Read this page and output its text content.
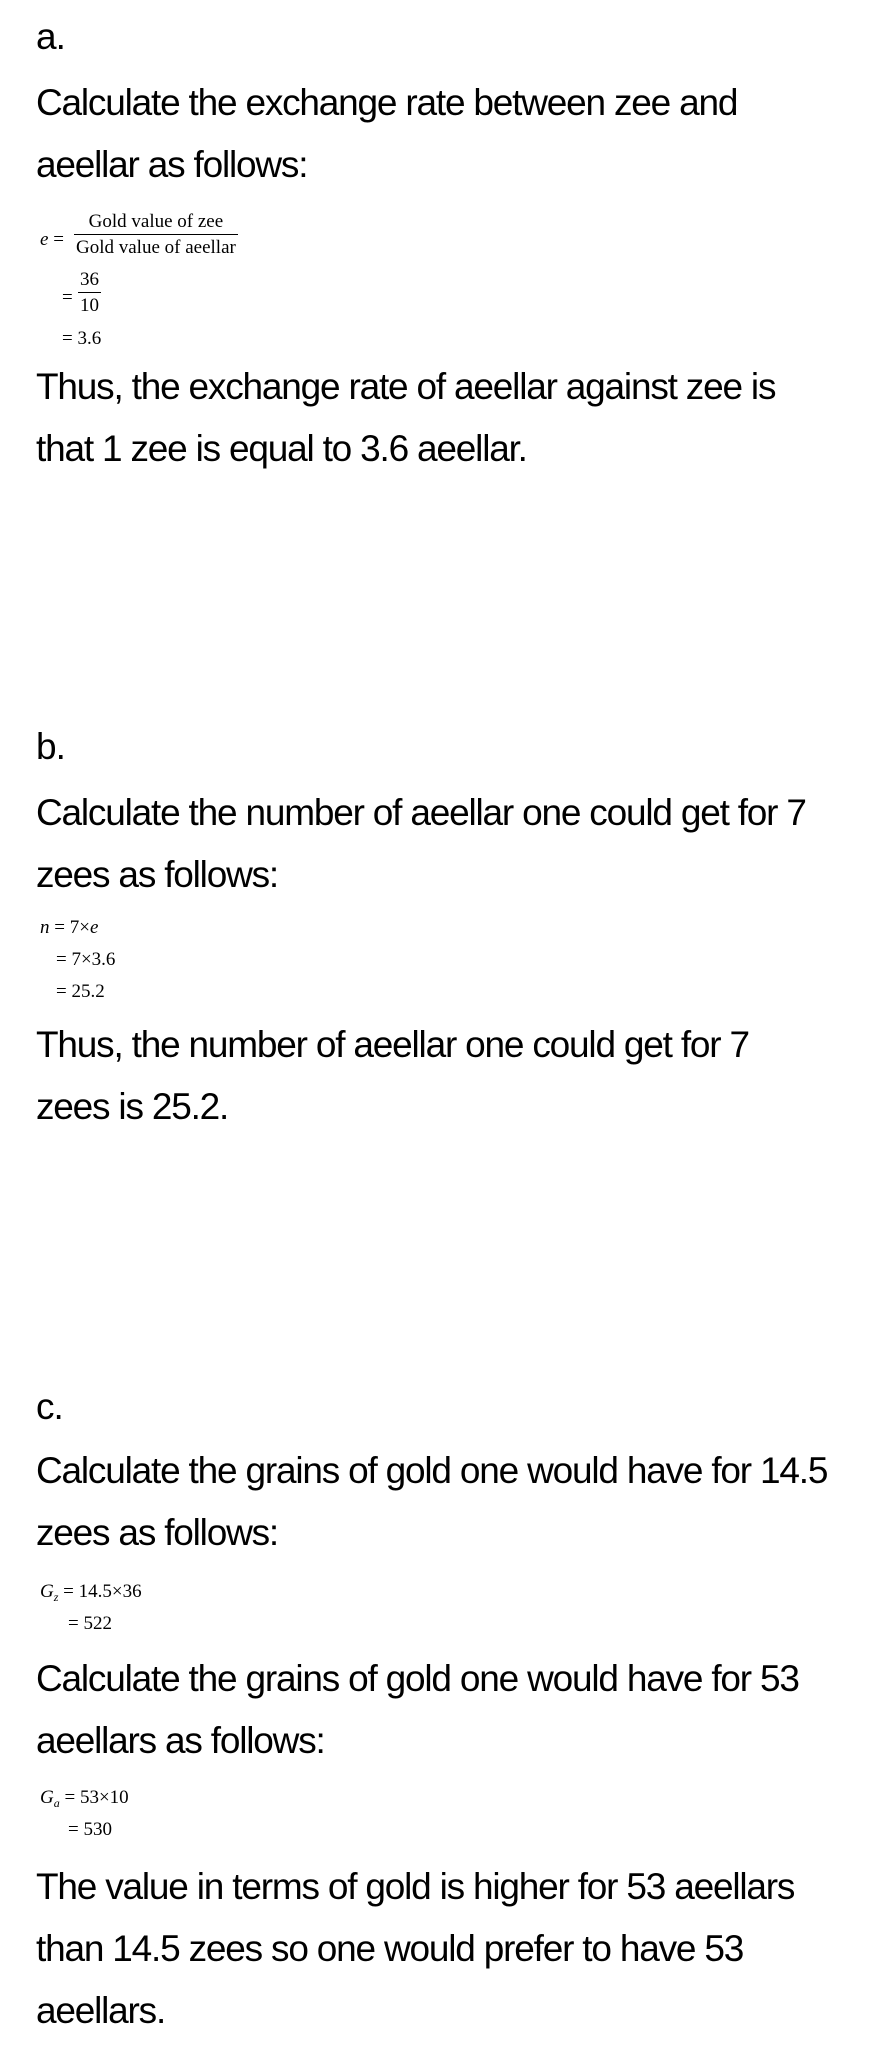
a.
Calculate the exchange rate between zee and aeellar as follows:
e =
Gold value of zee
Gold value of aeellar
=
36
10
= 3.6
Thus, the exchange rate of aeellar against zee is that 1 zee is equal to 3.6 aeellar.
b.
Calculate the number of aeellar one could get for 7 zees as follows:
n = 7×e
= 7×3.6
= 25.2
Thus, the number of aeellar one could get for 7 zees is 25.2.
c.
Calculate the grains of gold one would have for 14.5 zees as follows:
$G_z = 14.5\times 36$
= 522
Calculate the grains of gold one would have for 53 aeellars as follows:
$G_a = 53\times 10$
= 530
The value in terms of gold is higher for 53 aeellars than 14.5 zees so one would prefer to have 53 aeellars.
